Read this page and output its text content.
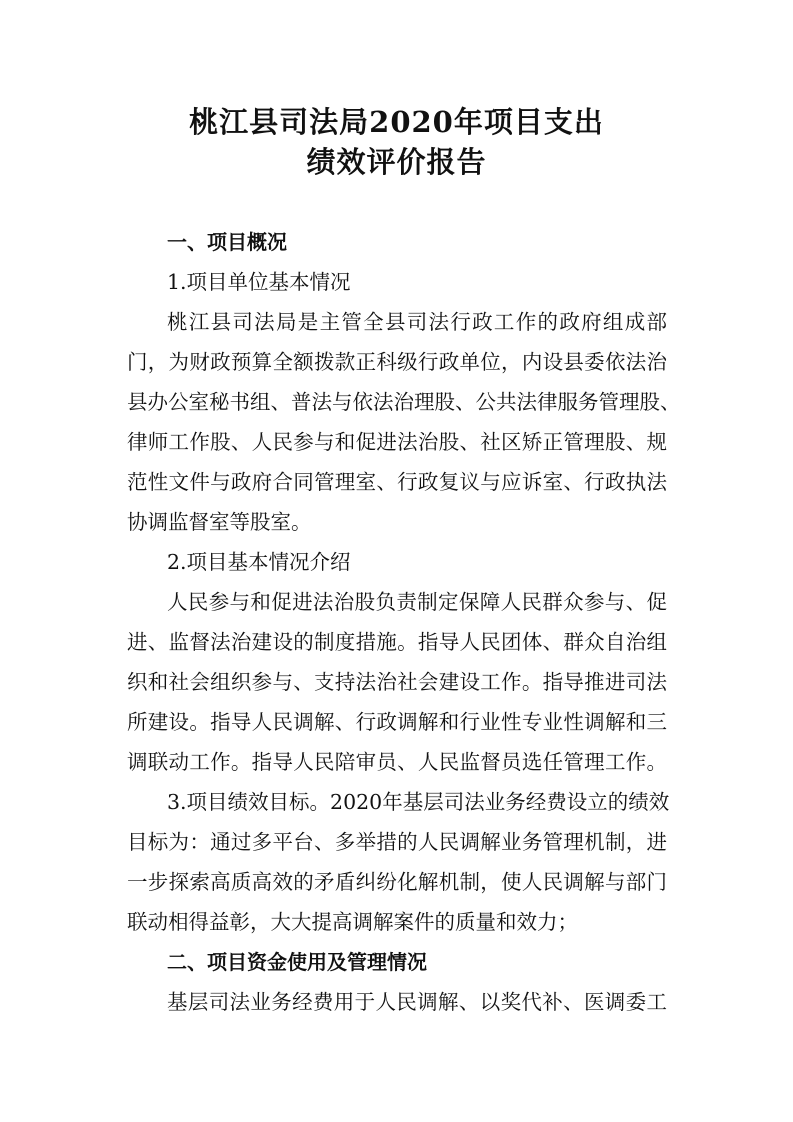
桃江县司法局2020年项目支出
绩效评价报告

一、项目概况

1.项目单位基本情况

桃江县司法局是主管全县司法行政工作的政府组成部

门，为财政预算全额拨款正科级行政单位，内设县委依法治

县办公室秘书组、普法与依法治理股、公共法律服务管理股、

律师工作股、人民参与和促进法治股、社区矫正管理股、规

范性文件与政府合同管理室、行政复议与应诉室、行政执法

协调监督室等股室。

2.项目基本情况介绍

人民参与和促进法治股负责制定保障人民群众参与、促

进、监督法治建设的制度措施。指导人民团体、群众自治组

织和社会组织参与、支持法治社会建设工作。指导推进司法

所建设。指导人民调解、行政调解和行业性专业性调解和三

调联动工作。指导人民陪审员、人民监督员选任管理工作。

3.项目绩效目标。2020年基层司法业务经费设立的绩效

目标为：通过多平台、多举措的人民调解业务管理机制，进

一步探索高质高效的矛盾纠纷化解机制，使人民调解与部门

联动相得益彰，大大提高调解案件的质量和效力；

二、项目资金使用及管理情况

基层司法业务经费用于人民调解、以奖代补、医调委工
